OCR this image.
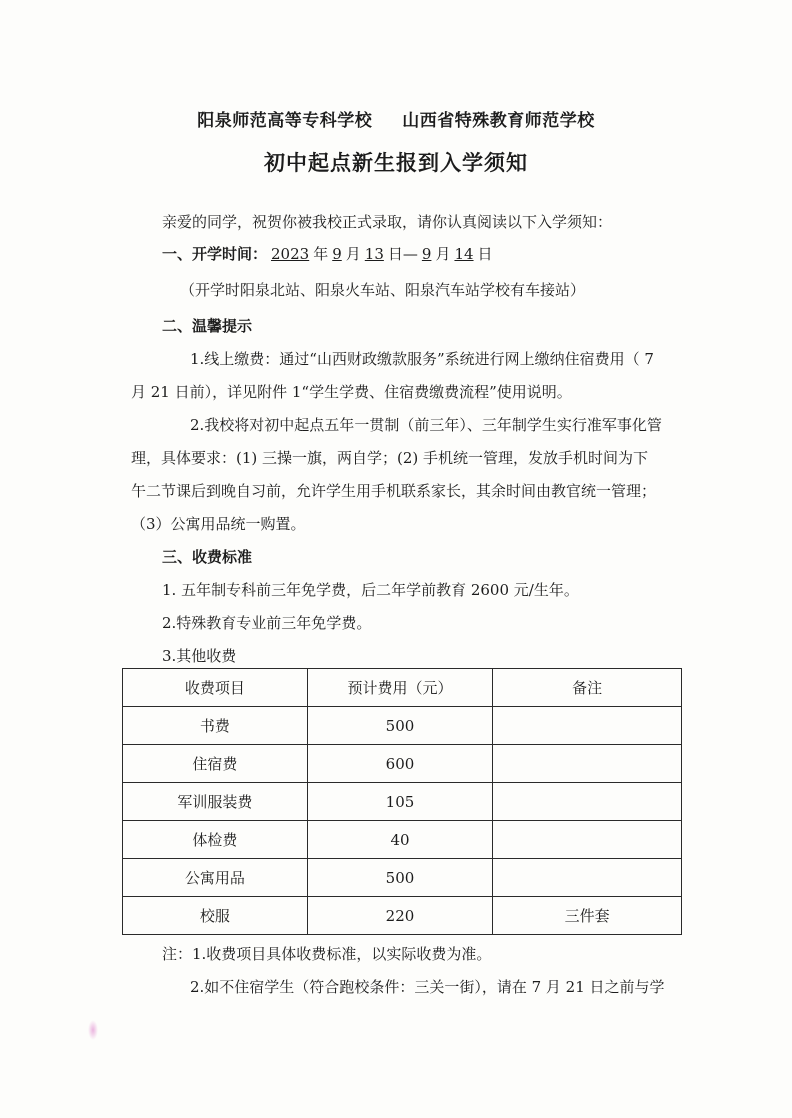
阳泉师范高等专科学校 山西省特殊教育师范学校
初中起点新生报到入学须知
亲爱的同学，祝贺你被我校正式录取，请你认真阅读以下入学须知：
一、开学时间： 2023 年 9 月 13 日— 9 月 14 日
（开学时阳泉北站、阳泉火车站、阳泉汽车站学校有车接站）
二、温馨提示
1.线上缴费：通过“山西财政缴款服务”系统进行网上缴纳住宿费用（ 7
月 21 日前），详见附件 1“学生学费、住宿费缴费流程”使用说明。
2.我校将对初中起点五年一贯制（前三年）、三年制学生实行准军事化管
理，具体要求：(1) 三操一旗，两自学；(2) 手机统一管理，发放手机时间为下
午二节课后到晚自习前，允许学生用手机联系家长，其余时间由教官统一管理；
（3）公寓用品统一购置。
三、收费标准
1. 五年制专科前三年免学费，后二年学前教育 2600 元/生年。
2.特殊教育专业前三年免学费。
3.其他收费
收费项目	预计费用（元）	备注
书费	500	
住宿费	600	
军训服装费	105	
体检费	40	
公寓用品	500	
校服	220	三件套
注：1.收费项目具体收费标准，以实际收费为准。
2.如不住宿学生（符合跑校条件：三关一街），请在 7 月 21 日之前与学
